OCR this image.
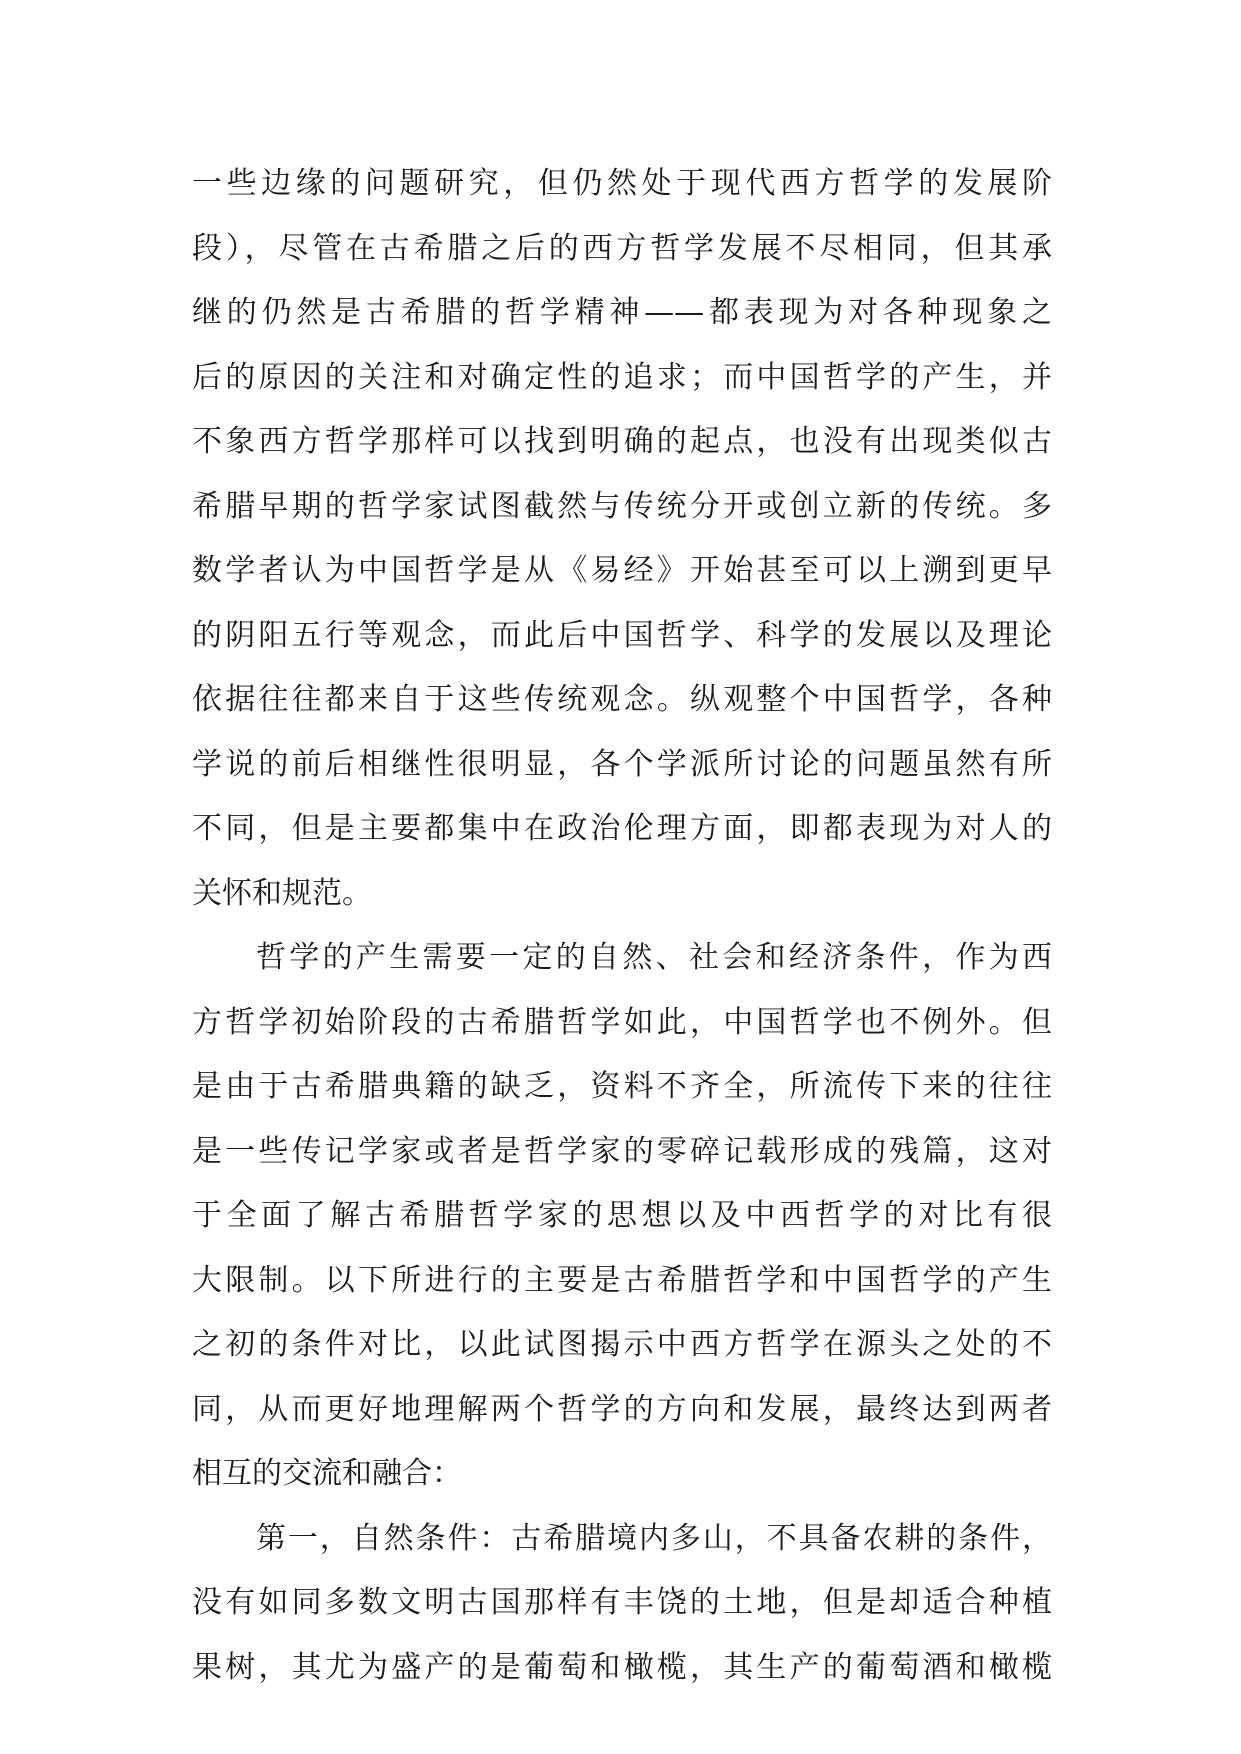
一些边缘的问题研究，但仍然处于现代西方哲学的发展阶
段），尽管在古希腊之后的西方哲学发展不尽相同，但其承
继的仍然是古希腊的哲学精神——都表现为对各种现象之
后的原因的关注和对确定性的追求；而中国哲学的产生，并
不象西方哲学那样可以找到明确的起点，也没有出现类似古
希腊早期的哲学家试图截然与传统分开或创立新的传统。多
数学者认为中国哲学是从《易经》开始甚至可以上溯到更早
的阴阳五行等观念，而此后中国哲学、科学的发展以及理论
依据往往都来自于这些传统观念。纵观整个中国哲学，各种
学说的前后相继性很明显，各个学派所讨论的问题虽然有所
不同，但是主要都集中在政治伦理方面，即都表现为对人的
关怀和规范。
哲学的产生需要一定的自然、社会和经济条件，作为西
方哲学初始阶段的古希腊哲学如此，中国哲学也不例外。但
是由于古希腊典籍的缺乏，资料不齐全，所流传下来的往往
是一些传记学家或者是哲学家的零碎记载形成的残篇，这对
于全面了解古希腊哲学家的思想以及中西哲学的对比有很
大限制。以下所进行的主要是古希腊哲学和中国哲学的产生
之初的条件对比，以此试图揭示中西方哲学在源头之处的不
同，从而更好地理解两个哲学的方向和发展，最终达到两者
相互的交流和融合：
第一，自然条件：古希腊境内多山，不具备农耕的条件，
没有如同多数文明古国那样有丰饶的土地，但是却适合种植
果树，其尤为盛产的是葡萄和橄榄，其生产的葡萄酒和橄榄
